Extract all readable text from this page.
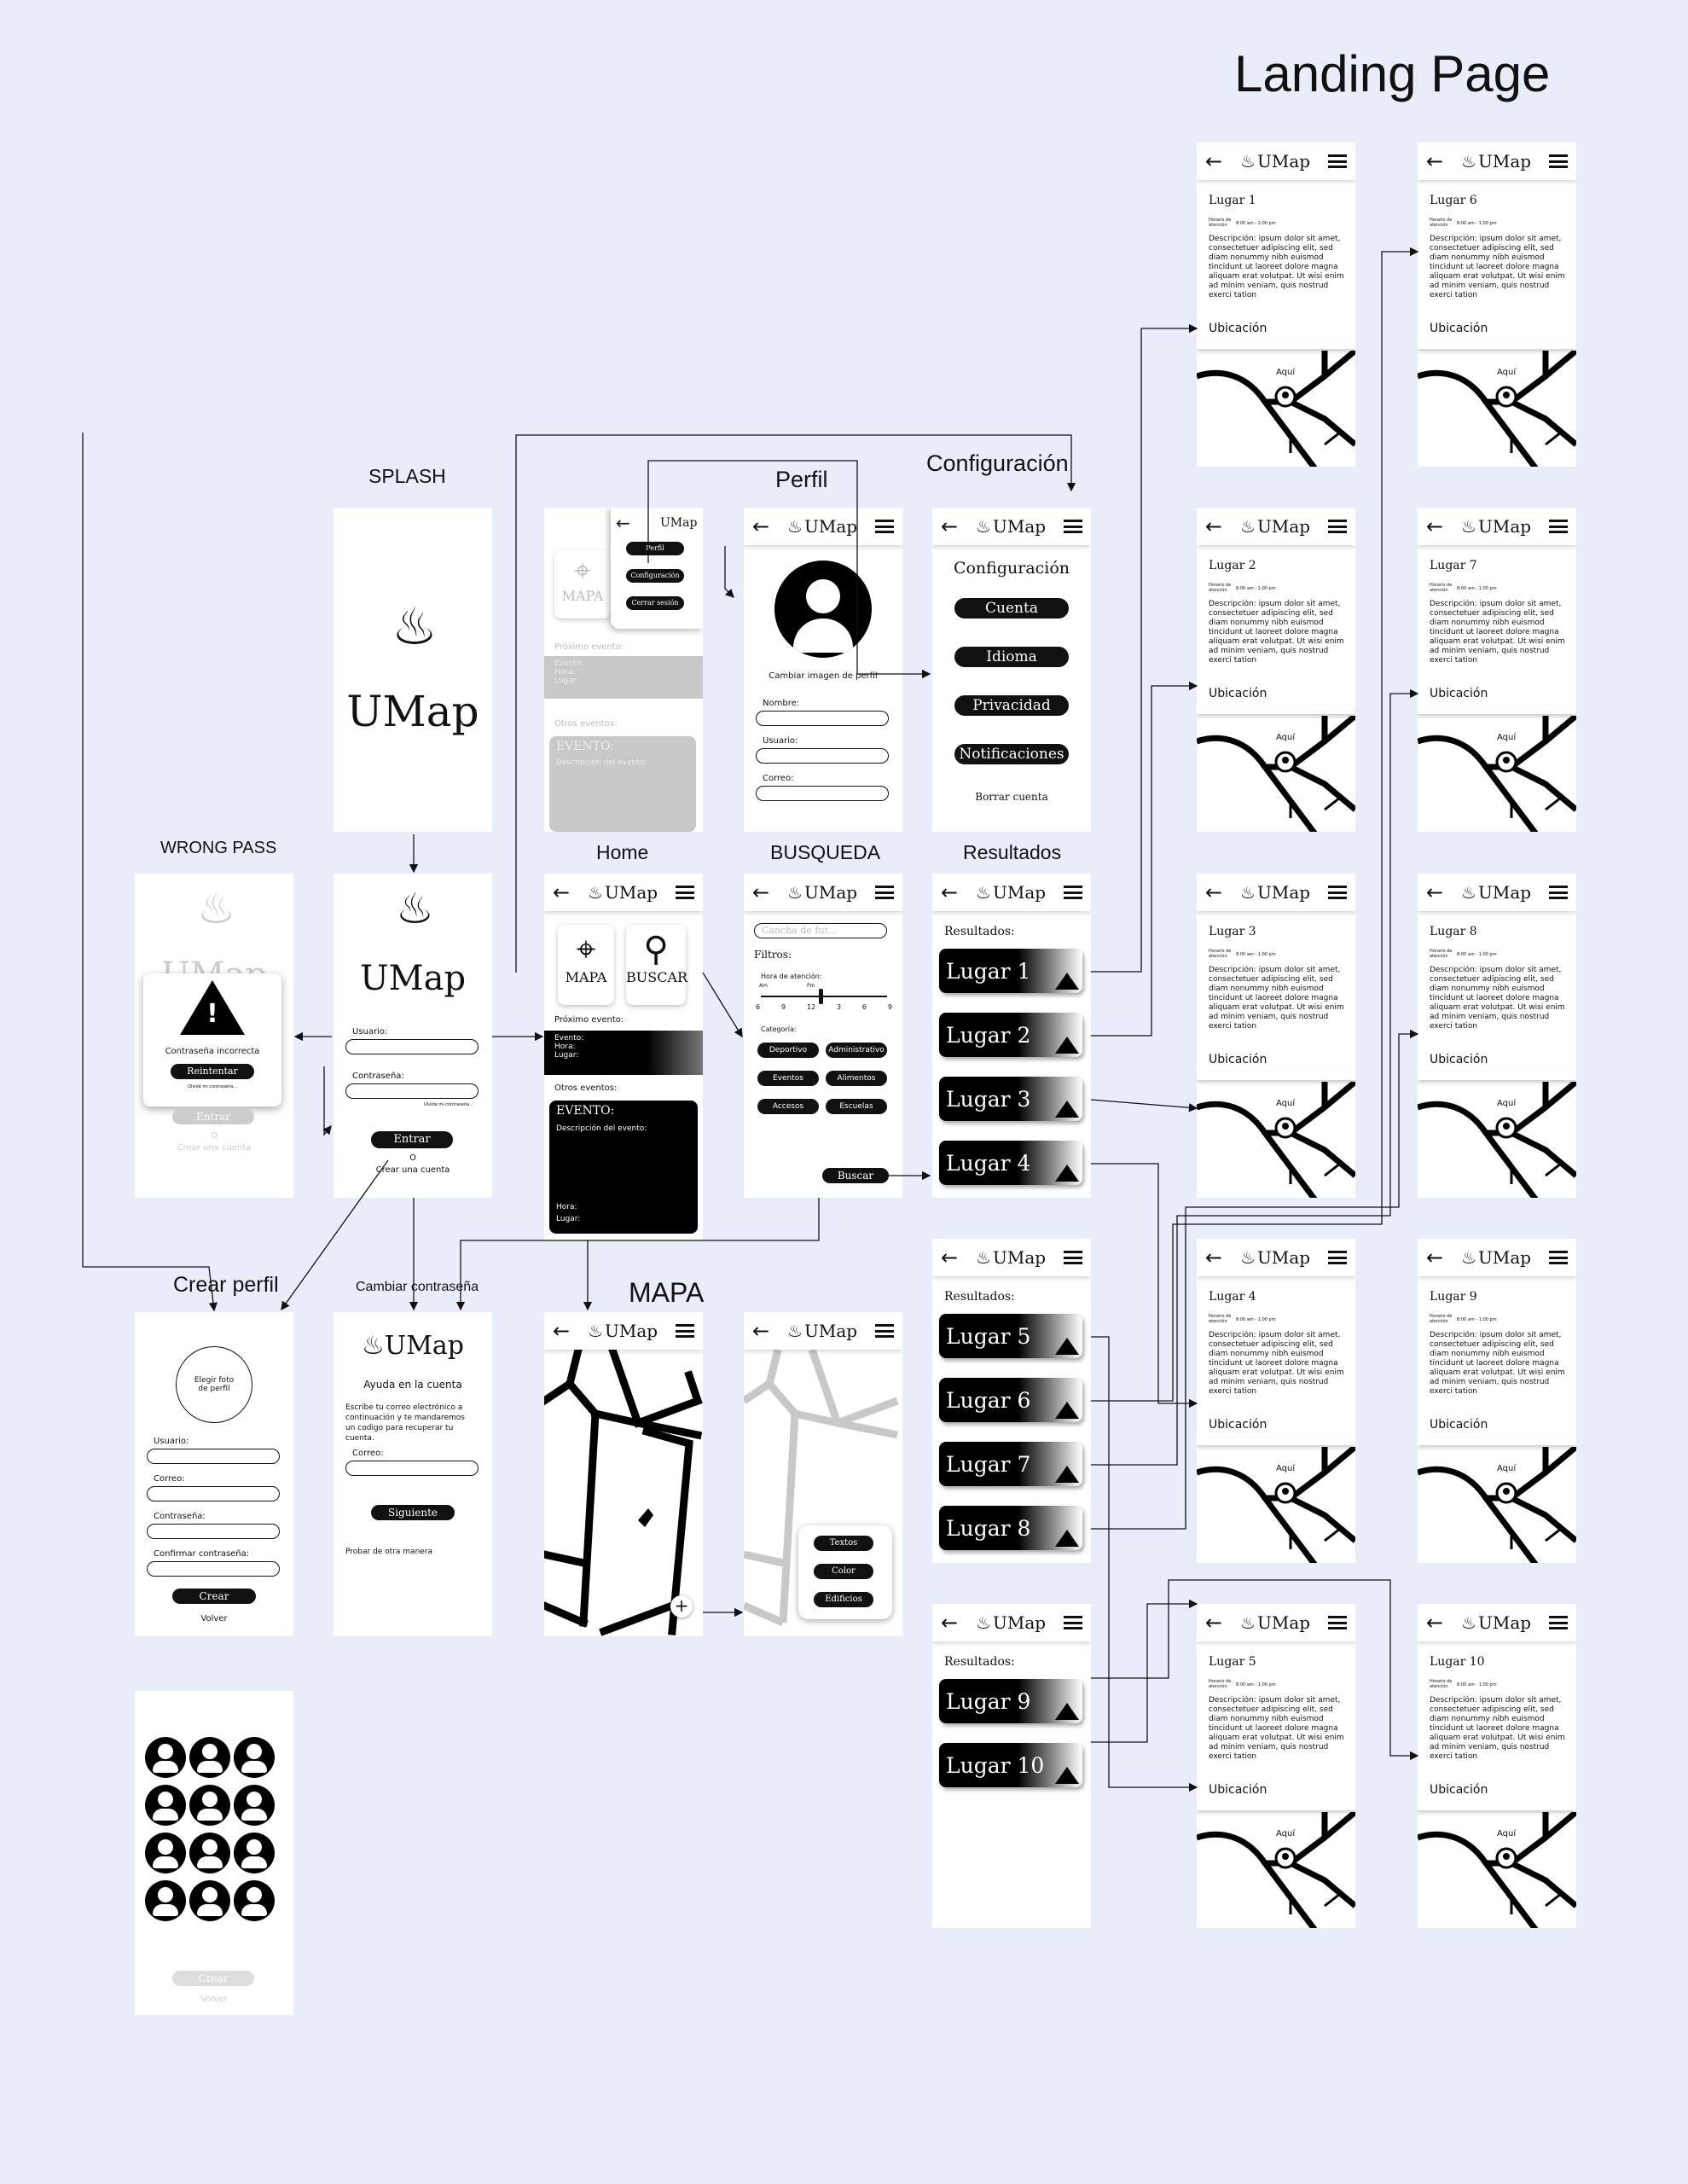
Landing Page
SPLASH
WRONG PASS
Perfil
Configuración
Home	BUSQUEDA	Resultados
Crear perfil	Cambiar contraseña	MAPA
♨
UMap
♨
UMap
Usuario:
Contraseña:
Olvide mi contraseña...
Entrar
O
Crear una cuenta
♨
!
Contraseña incorrecta
Reintentar
Olvide mi contraseña...
Entrar
O
Crear una cuenta
⌖
MAPA
Próximo evento:
Evento:
Hora:
Lugar:
Otros eventos:
EVENTO:
Descripción del evento:
←	UMap
Perfil
Configuración
Cerrar sesión
← ♨ UMap
Cambiar imagen de perfil
Nombre:
Usuario:
Correo:
← ♨ UMap
Configuración
Cuenta
Idioma
Privacidad
Notificaciones
Borrar cuenta
← ♨ UMap
⌖
MAPA
⚲
BUSCAR
Próximo evento:
Evento:
Hora:
Lugar:
Otros eventos:
EVENTO:
Descripción del evento:
Hora:
Lugar:
← ♨ UMap
Cancha de fut...
Filtros:
Hora de atención:
Am	Pm
6	9	12	3	6	9
Categoría:
Deportivo	Administrativo
Eventos	Alimentos
Accesos	Escuelas
Buscar
← ♨ UMap
Resultados:
Lugar 1
Lugar 2
Lugar 3
Lugar 4
← ♨ UMap
Resultados:
Lugar 5
Lugar 6
Lugar 7
Lugar 8
← ♨ UMap
Resultados:
Lugar 9
Lugar 10
← ♨ UMap
Lugar 1
Horario de atención	8:00 am - 1:00 pm
Descripción: ipsum dolor sit amet, consectetuer adipiscing elit, sed diam nonummy nibh euismod tincidunt ut laoreet dolore magna aliquam erat volutpat. Ut wisi enim ad minim veniam, quis nostrud exerci tation
Ubicación
Aquí
← ♨ UMap
Lugar 2
Horario de atención	8:00 am - 1:00 pm
Descripción: ipsum dolor sit amet, consectetuer adipiscing elit, sed diam nonummy nibh euismod tincidunt ut laoreet dolore magna aliquam erat volutpat. Ut wisi enim ad minim veniam, quis nostrud exerci tation
Ubicación
Aquí
← ♨ UMap
Lugar 3
Horario de atención	8:00 am - 1:00 pm
Descripción: ipsum dolor sit amet, consectetuer adipiscing elit, sed diam nonummy nibh euismod tincidunt ut laoreet dolore magna aliquam erat volutpat. Ut wisi enim ad minim veniam, quis nostrud exerci tation
Ubicación
Aquí
← ♨ UMap
Lugar 4
Horario de atención	8:00 am - 1:00 pm
Descripción: ipsum dolor sit amet, consectetuer adipiscing elit, sed diam nonummy nibh euismod tincidunt ut laoreet dolore magna aliquam erat volutpat. Ut wisi enim ad minim veniam, quis nostrud exerci tation
Ubicación
Aquí
← ♨ UMap
Lugar 5
Horario de atención	8:00 am - 1:00 pm
Descripción: ipsum dolor sit amet, consectetuer adipiscing elit, sed diam nonummy nibh euismod tincidunt ut laoreet dolore magna aliquam erat volutpat. Ut wisi enim ad minim veniam, quis nostrud exerci tation
Ubicación
Aquí
← ♨ UMap
Lugar 6
Horario de atención	8:00 am - 1:00 pm
Descripción: ipsum dolor sit amet, consectetuer adipiscing elit, sed diam nonummy nibh euismod tincidunt ut laoreet dolore magna aliquam erat volutpat. Ut wisi enim ad minim veniam, quis nostrud exerci tation
Ubicación
Aquí
← ♨ UMap
Lugar 7
Horario de atención	8:00 am - 1:00 pm
Descripción: ipsum dolor sit amet, consectetuer adipiscing elit, sed diam nonummy nibh euismod tincidunt ut laoreet dolore magna aliquam erat volutpat. Ut wisi enim ad minim veniam, quis nostrud exerci tation
Ubicación
Aquí
← ♨ UMap
Lugar 8
Horario de atención	8:00 am - 1:00 pm
Descripción: ipsum dolor sit amet, consectetuer adipiscing elit, sed diam nonummy nibh euismod tincidunt ut laoreet dolore magna aliquam erat volutpat. Ut wisi enim ad minim veniam, quis nostrud exerci tation
Ubicación
Aquí
← ♨ UMap
Lugar 9
Horario de atención	8:00 am - 1:00 pm
Descripción: ipsum dolor sit amet, consectetuer adipiscing elit, sed diam nonummy nibh euismod tincidunt ut laoreet dolore magna aliquam erat volutpat. Ut wisi enim ad minim veniam, quis nostrud exerci tation
Ubicación
Aquí
← ♨ UMap
Lugar 10
Horario de atención	8:00 am - 1:00 pm
Descripción: ipsum dolor sit amet, consectetuer adipiscing elit, sed diam nonummy nibh euismod tincidunt ut laoreet dolore magna aliquam erat volutpat. Ut wisi enim ad minim veniam, quis nostrud exerci tation
Ubicación
Aquí
Elegir foto de perfil
Usuario:
Correo:
Contraseña:
Confirmar contraseña:
Crear
Volver

Crear
Volver
♨UMap
Ayuda en la cuenta
Escribe tu correo electrónico a continuación y te mandaremos un codigo para recuperar tu cuenta.
Correo:
Siguiente
Probar de otra manera
← ♨ UMap
+
← ♨ UMap
Textos
Color
Edificios
